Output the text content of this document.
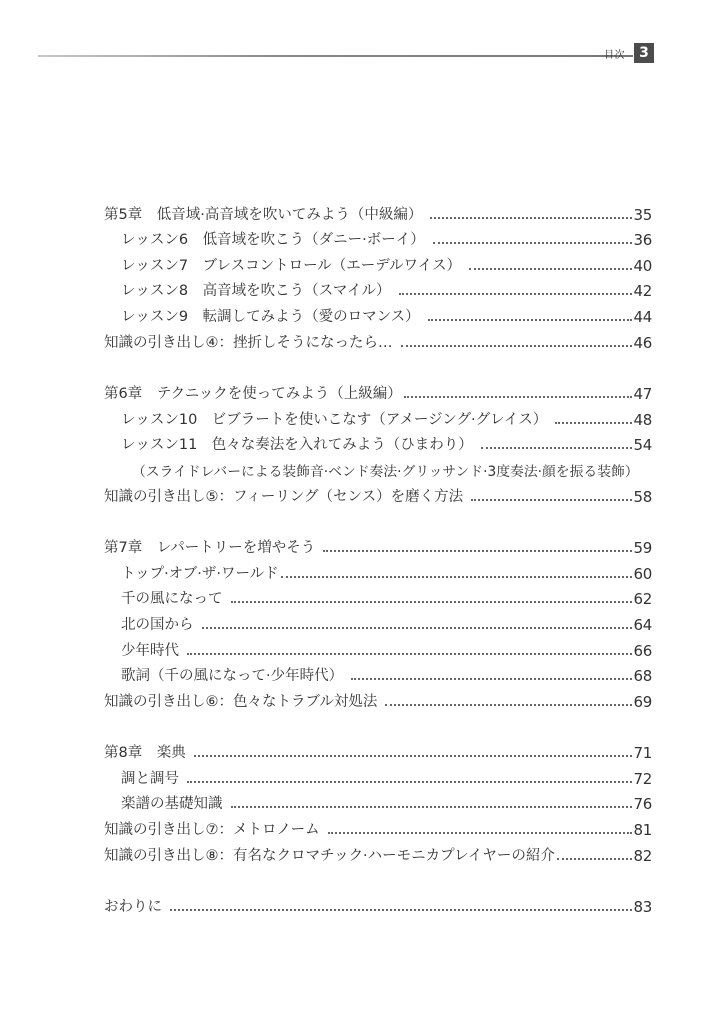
目次	3
第5章　低音域·高音域を吹いてみよう（中級編）	35
レッスン6　低音域を吹こう（ダニー·ボーイ）	36
レッスン7　ブレスコントロール（エーデルワイス）	40
レッスン8　高音域を吹こう（スマイル）	42
レッスン9　転調してみよう（愛のロマンス）	44
知識の引き出し④：挫折しそうになったら…	46
第6章　テクニックを使ってみよう（上級編）	47
レッスン10　ビブラートを使いこなす（アメージング·グレイス）	48
レッスン11　色々な奏法を入れてみよう（ひまわり）	54
（スライドレバーによる装飾音·ベンド奏法·グリッサンド·3度奏法·顔を振る装飾）
知識の引き出し⑤：フィーリング（センス）を磨く方法	58
第7章　レパートリーを増やそう	59
トップ·オブ·ザ·ワールド	60
千の風になって	62
北の国から	64
少年時代	66
歌詞（千の風になって·少年時代）	68
知識の引き出し⑥：色々なトラブル対処法	69
第8章　楽典	71
調と調号	72
楽譜の基礎知識	76
知識の引き出し⑦：メトロノーム	81
知識の引き出し⑧：有名なクロマチック·ハーモニカプレイヤーの紹介	82
おわりに	83
